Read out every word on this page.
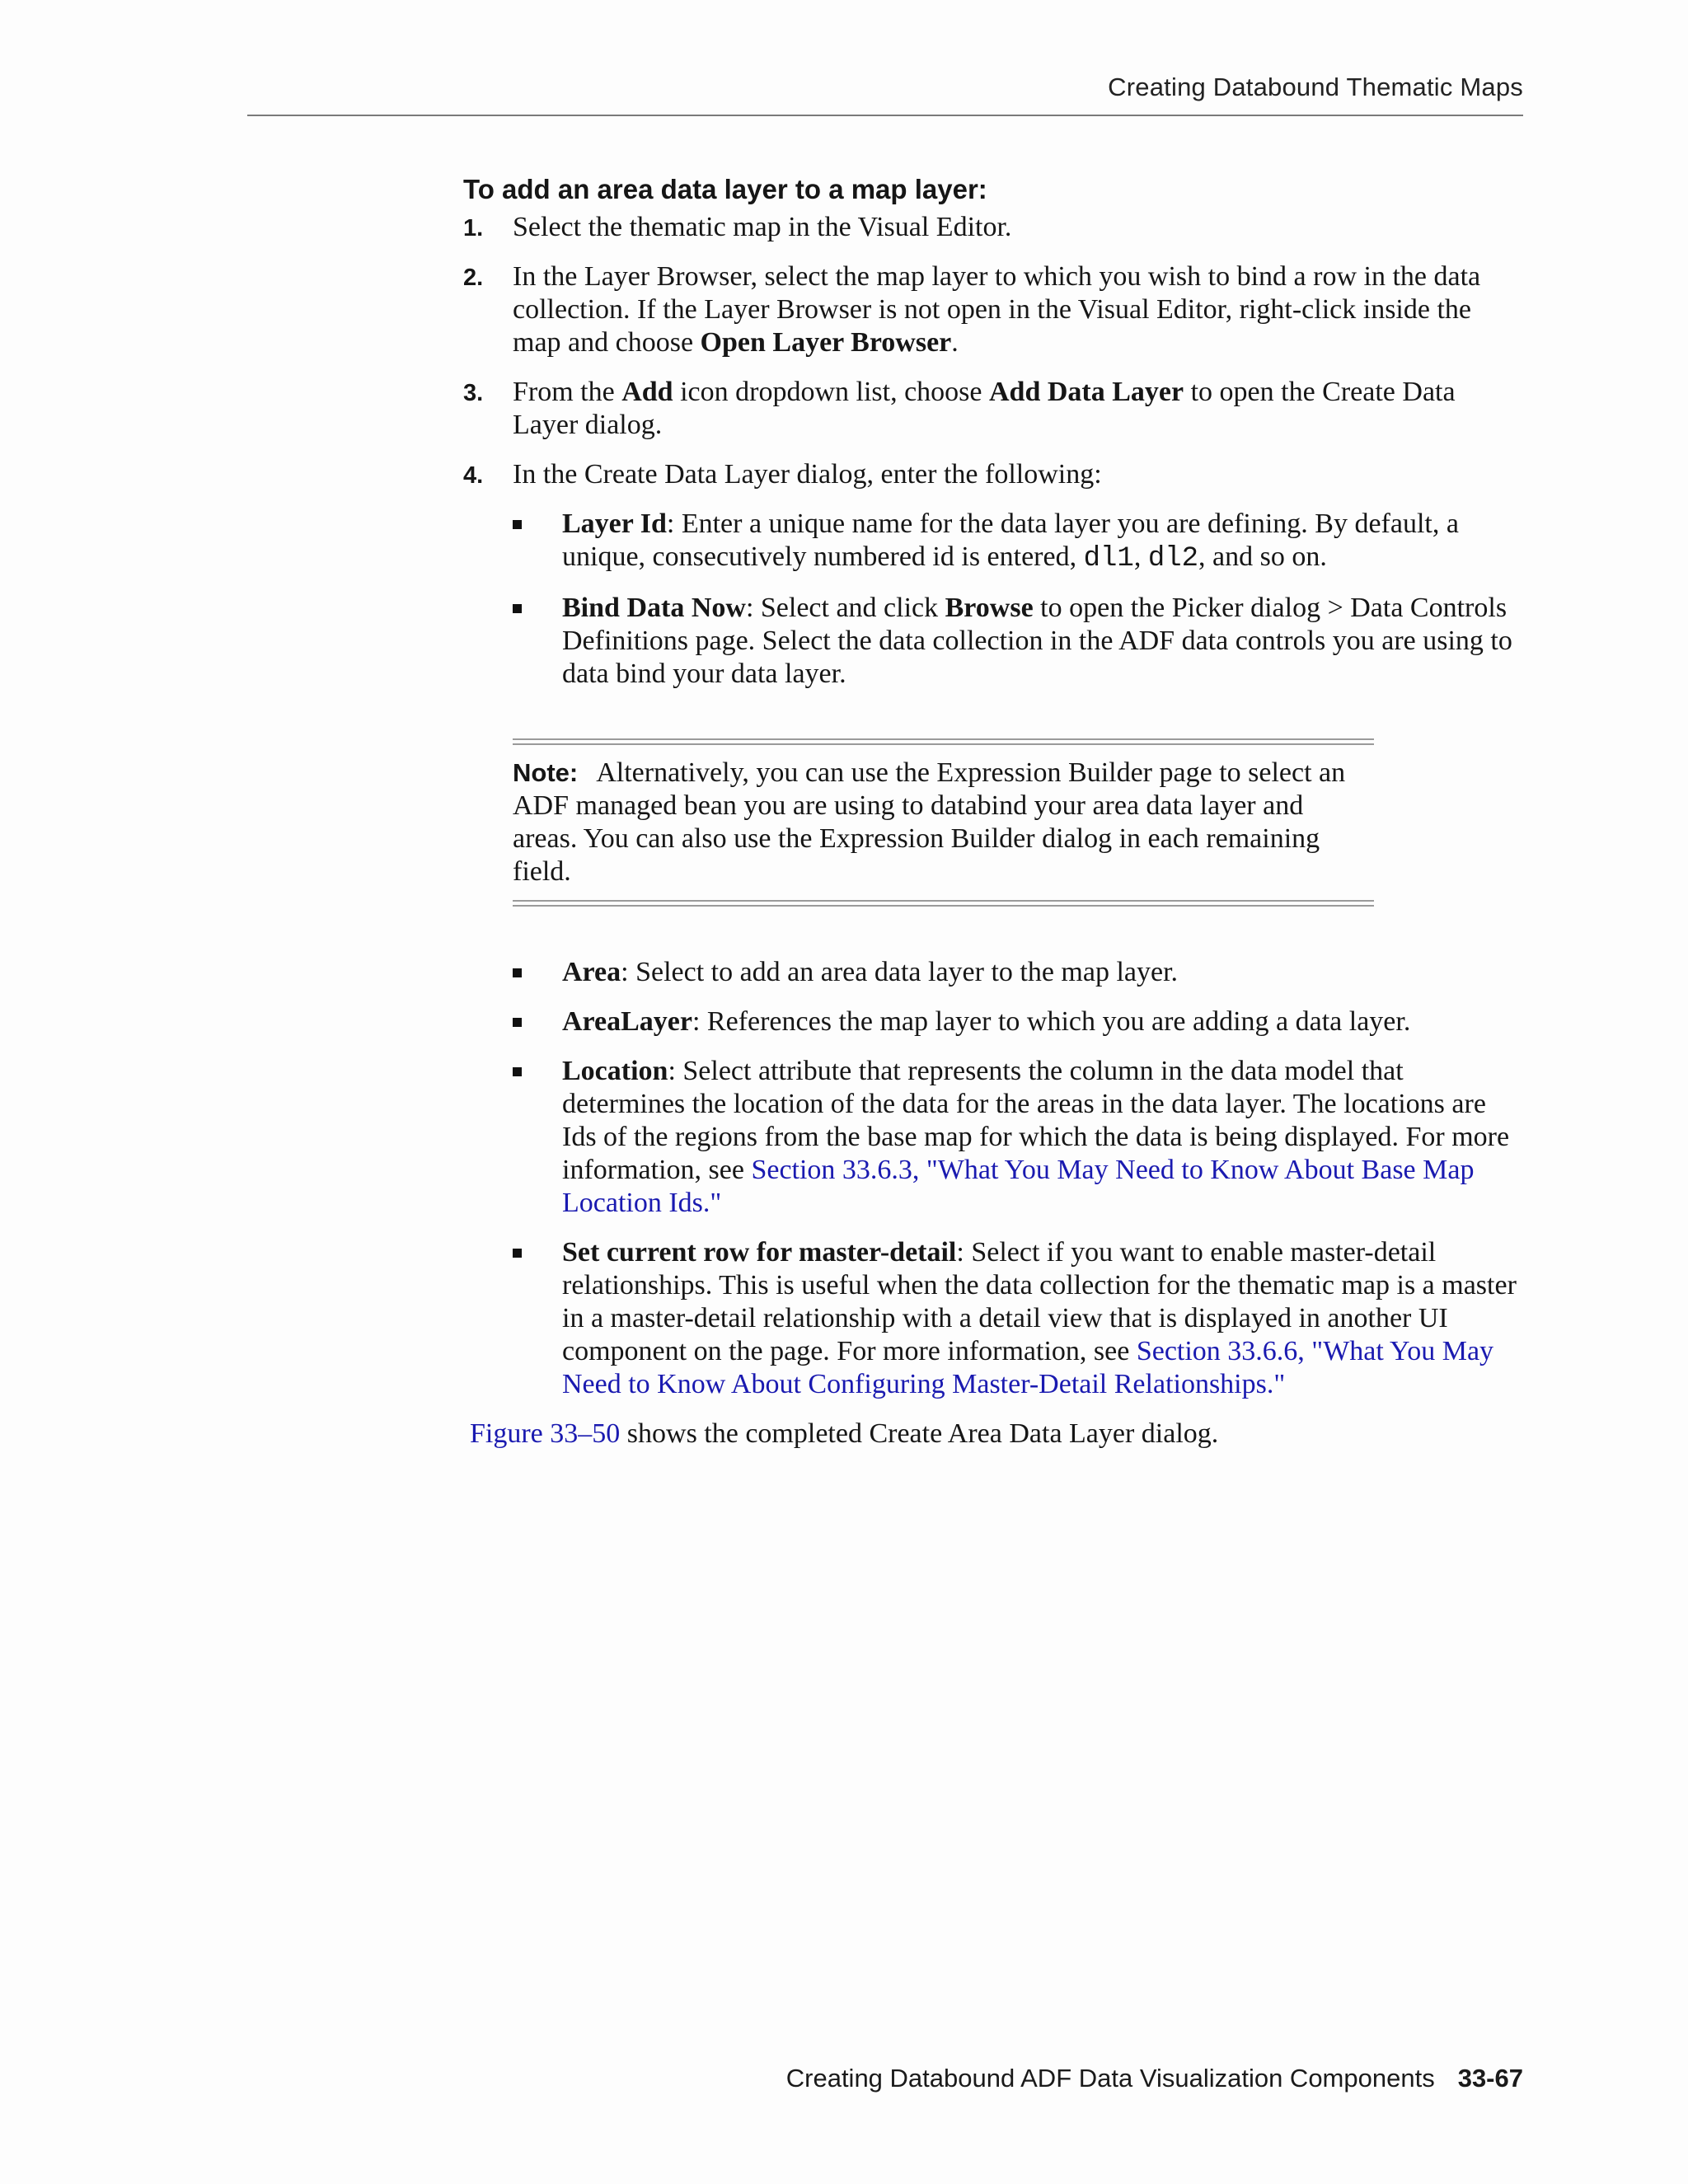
Creating Databound Thematic Maps
To add an area data layer to a map layer:
1. Select the thematic map in the Visual Editor.
2. In the Layer Browser, select the map layer to which you wish to bind a row in the data collection. If the Layer Browser is not open in the Visual Editor, right-click inside the map and choose Open Layer Browser.
3. From the Add icon dropdown list, choose Add Data Layer to open the Create Data Layer dialog.
4. In the Create Data Layer dialog, enter the following:
Layer Id: Enter a unique name for the data layer you are defining. By default, a unique, consecutively numbered id is entered, dl1, dl2, and so on.
Bind Data Now: Select and click Browse to open the Picker dialog > Data Controls Definitions page. Select the data collection in the ADF data controls you are using to data bind your data layer.
Note: Alternatively, you can use the Expression Builder page to select an ADF managed bean you are using to databind your area data layer and areas. You can also use the Expression Builder dialog in each remaining field.
Area: Select to add an area data layer to the map layer.
AreaLayer: References the map layer to which you are adding a data layer.
Location: Select attribute that represents the column in the data model that determines the location of the data for the areas in the data layer. The locations are Ids of the regions from the base map for which the data is being displayed. For more information, see Section 33.6.3, "What You May Need to Know About Base Map Location Ids."
Set current row for master-detail: Select if you want to enable master-detail relationships. This is useful when the data collection for the thematic map is a master in a master-detail relationship with a detail view that is displayed in another UI component on the page. For more information, see Section 33.6.6, "What You May Need to Know About Configuring Master-Detail Relationships."
Figure 33–50 shows the completed Create Area Data Layer dialog.
Creating Databound ADF Data Visualization Components 33-67
